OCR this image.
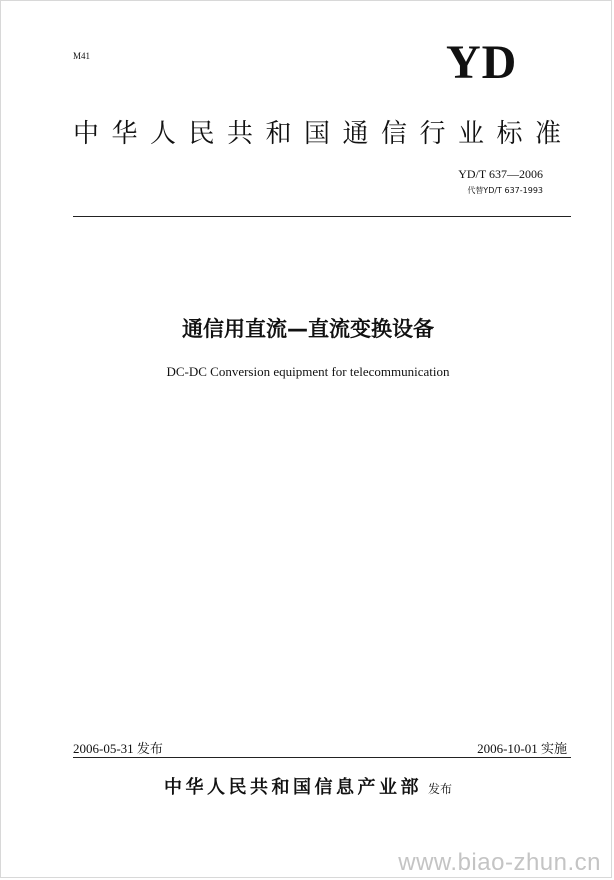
M41	YD
中华人民共和国通信行业标准
YD/T 637—2006
代替YD/T 637-1993
通信用直流—直流变换设备
DC-DC Conversion equipment for telecommunication
2006-05-31 发布	2006-10-01 实施
中华人民共和国信息产业部 发布
www.biao-zhun.cn
